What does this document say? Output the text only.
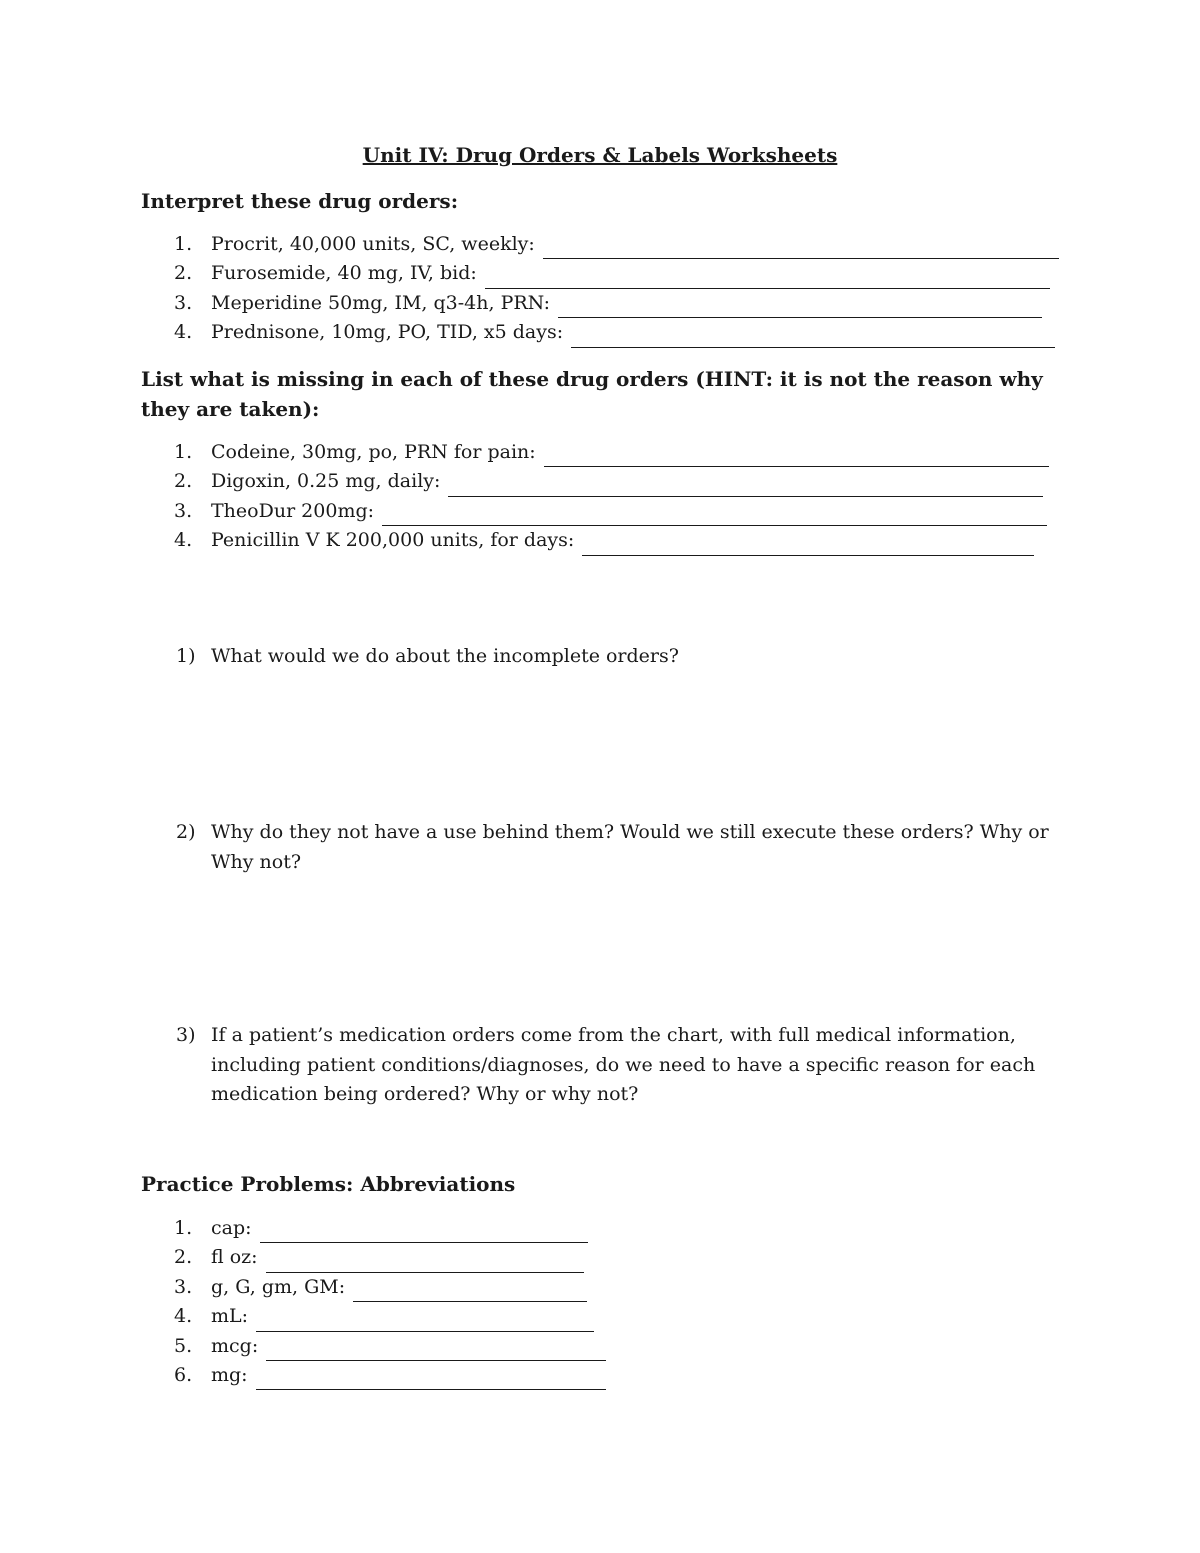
Unit IV: Drug Orders & Labels Worksheets
Interpret these drug orders:
1. Procrit, 40,000 units, SC, weekly:
2. Furosemide, 40 mg, IV, bid:
3. Meperidine 50mg, IM, q3-4h, PRN:
4. Prednisone, 10mg, PO, TID, x5 days:
List what is missing in each of these drug orders (HINT: it is not the reason why they are taken):
1. Codeine, 30mg, po, PRN for pain:
2. Digoxin, 0.25 mg, daily:
3. TheoDur 200mg:
4. Penicillin V K 200,000 units, for days:
1) What would we do about the incomplete orders?
2) Why do they not have a use behind them? Would we still execute these orders? Why or Why not?
3) If a patient’s medication orders come from the chart, with full medical information, including patient conditions/diagnoses, do we need to have a specific reason for each medication being ordered? Why or why not?
Practice Problems: Abbreviations
1. cap:
2. fl oz:
3. g, G, gm, GM:
4. mL:
5. mcg:
6. mg:
